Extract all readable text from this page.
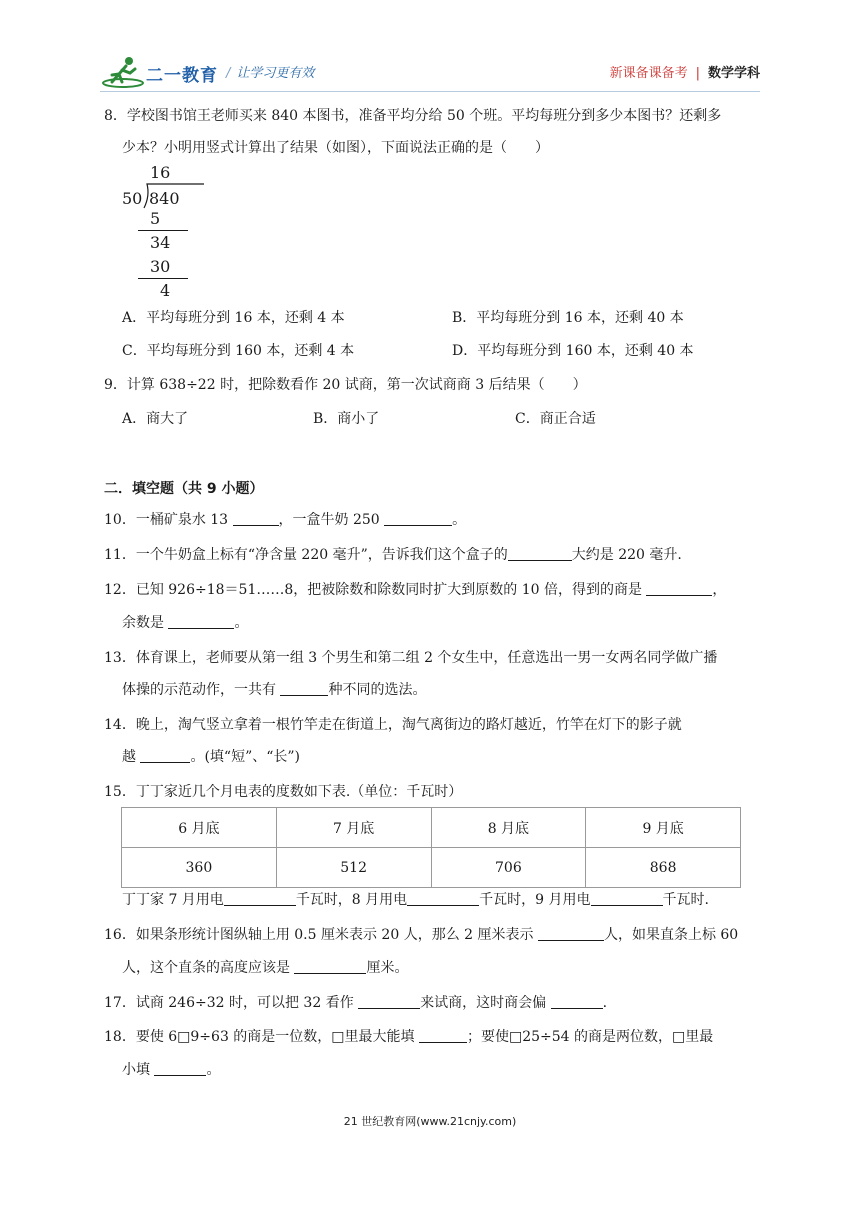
二一教育 / 让学习更有效	新课备课备考 | 数学学科
8．学校图书馆王老师买来 840 本图书，准备平均分给 50 个班。平均每班分到多少本图书？还剩多
少本？小明用竖式计算出了结果（如图），下面说法正确的是（　　）
16
50 840
5
34
30
4
A．平均每班分到 16 本，还剩 4 本	B．平均每班分到 16 本，还剩 40 本
C．平均每班分到 160 本，还剩 4 本	D．平均每班分到 160 本，还剩 40 本
9．计算 638÷22 时，把除数看作 20 试商，第一次试商商 3 后结果（　　）
A．商大了	B．商小了	C．商正合适
二．填空题（共 9 小题）
10．一桶矿泉水 13	，一盒牛奶 250	。
11．一个牛奶盒上标有“净含量 220 毫升”，告诉我们这个盒子的	大约是 220 毫升.
12．已知 926÷18＝51……8，把被除数和除数同时扩大到原数的 10 倍，得到的商是	，
余数是	。
13．体育课上，老师要从第一组 3 个男生和第二组 2 个女生中，任意选出一男一女两名同学做广播
体操的示范动作，一共有	种不同的选法。
14．晚上，淘气竖立拿着一根竹竿走在街道上，淘气离街边的路灯越近，竹竿在灯下的影子就
越	。(填“短”、“长”)
15．丁丁家近几个月电表的度数如下表.（单位：千瓦时）
6 月底	7 月底	8 月底	9 月底
360	512	706	868
丁丁家 7 月用电	千瓦时，8 月用电	千瓦时，9 月用电	千瓦时.
16．如果条形统计图纵轴上用 0.5 厘米表示 20 人，那么 2 厘米表示	人，如果直条上标 60
人，这个直条的高度应该是	厘米。
17．试商 246÷32 时，可以把 32 看作	来试商，这时商会偏	.
18．要使 6□9÷63 的商是一位数，□里最大能填	；要使□25÷54 的商是两位数，□里最
小填	。
21 世纪教育网(www.21cnjy.com)
